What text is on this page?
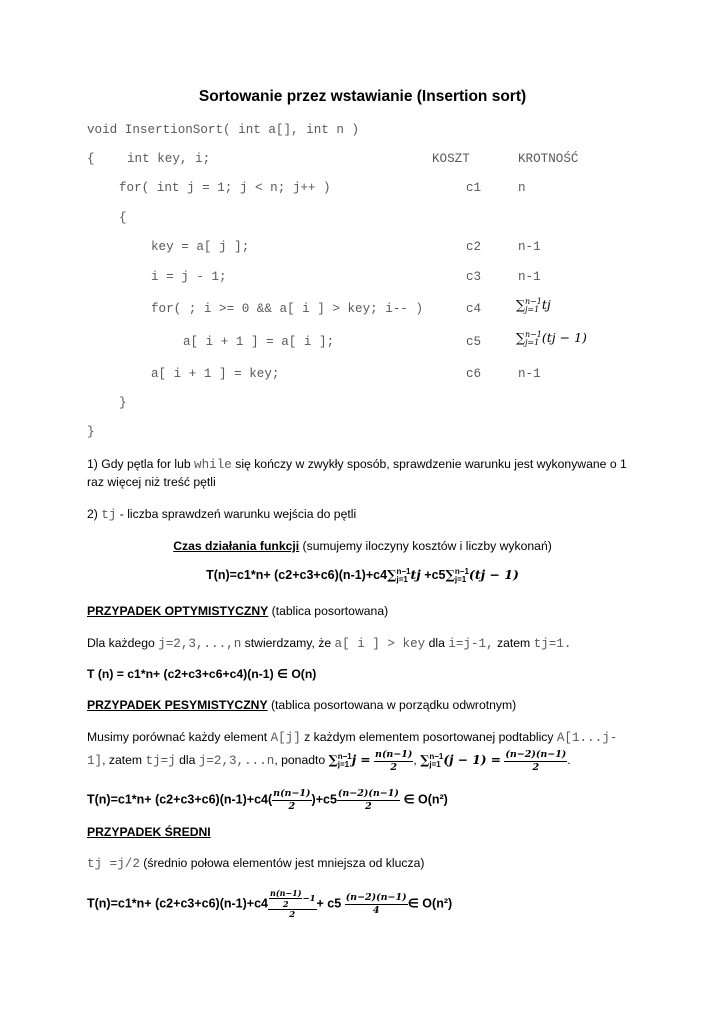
Sortowanie przez wstawianie (Insertion sort)
void InsertionSort( int a[], int n )
{	int key, i;	KOSZT	KROTNOŚĆ
for( int j = 1; j < n; j++ )	c1	n
{
key = a[ j ];	c2	n-1
i = j - 1;	c3	n-1
for( ; i >= 0 && a[ i ] > key; i-- )	c4	∑ n−1
j=1 tj
a[ i + 1 ] = a[ i ];	c5	∑ n−1
j=1 (tj − 1)
a[ i + 1 ] = key;	c6	n-1
}
}
1) Gdy pętla for lub while się kończy w zwykły sposób, sprawdzenie warunku jest wykonywane o 1
raz więcej niż treść pętli
2) tj - liczba sprawdzeń warunku wejścia do pętli
Czas działania funkcji (sumujemy iloczyny kosztów i liczby wykonań)
T(n)=c1*n+ (c2+c3+c6)(n-1)+c4∑ n−1
j=1 tj +c5∑ n−1
j=1 (tj − 1)
PRZYPADEK OPTYMISTYCZNY (tablica posortowana)
Dla każdego j=2,3,...,n stwierdzamy, że a[ i ] > key dla i=j-1, zatem tj=1.
T (n) = c1*n+ (c2+c3+c6+c4)(n-1) ∈ O(n)
PRZYPADEK PESYMISTYCZNY (tablica posortowana w porządku odwrotnym)
Musimy porównać każdy element A[j] z każdym elementem posortowanej podtablicy A[1...j-
1], zatem tj=j dla j=2,3,...n, ponadto ∑ n−1
j=1 $j = \frac{n(n-1)}{2}$ , ∑ n−1
j=1 $(j - 1) = \frac{(n-2)(n-1)}{2}$ .
$T(n)=c1*n+ (c2+c3+c6)(n-1)+c4( \frac{n(n-1)}{2} )+c5 \frac{(n-2)(n-1)}{2}$ ∈ O(n²)
PRZYPADEK ŚREDNI
tj =j/2 (średnio połowa elementów jest mniejsza od klucza)
$T(n)=c1*n+ (c2+c3+c6)(n-1)+c4 \frac{\frac{n(n-1)}{2} -1}{2} + c5 \frac{(n-2)(n-1)}{4}$ ∈ O(n²)
